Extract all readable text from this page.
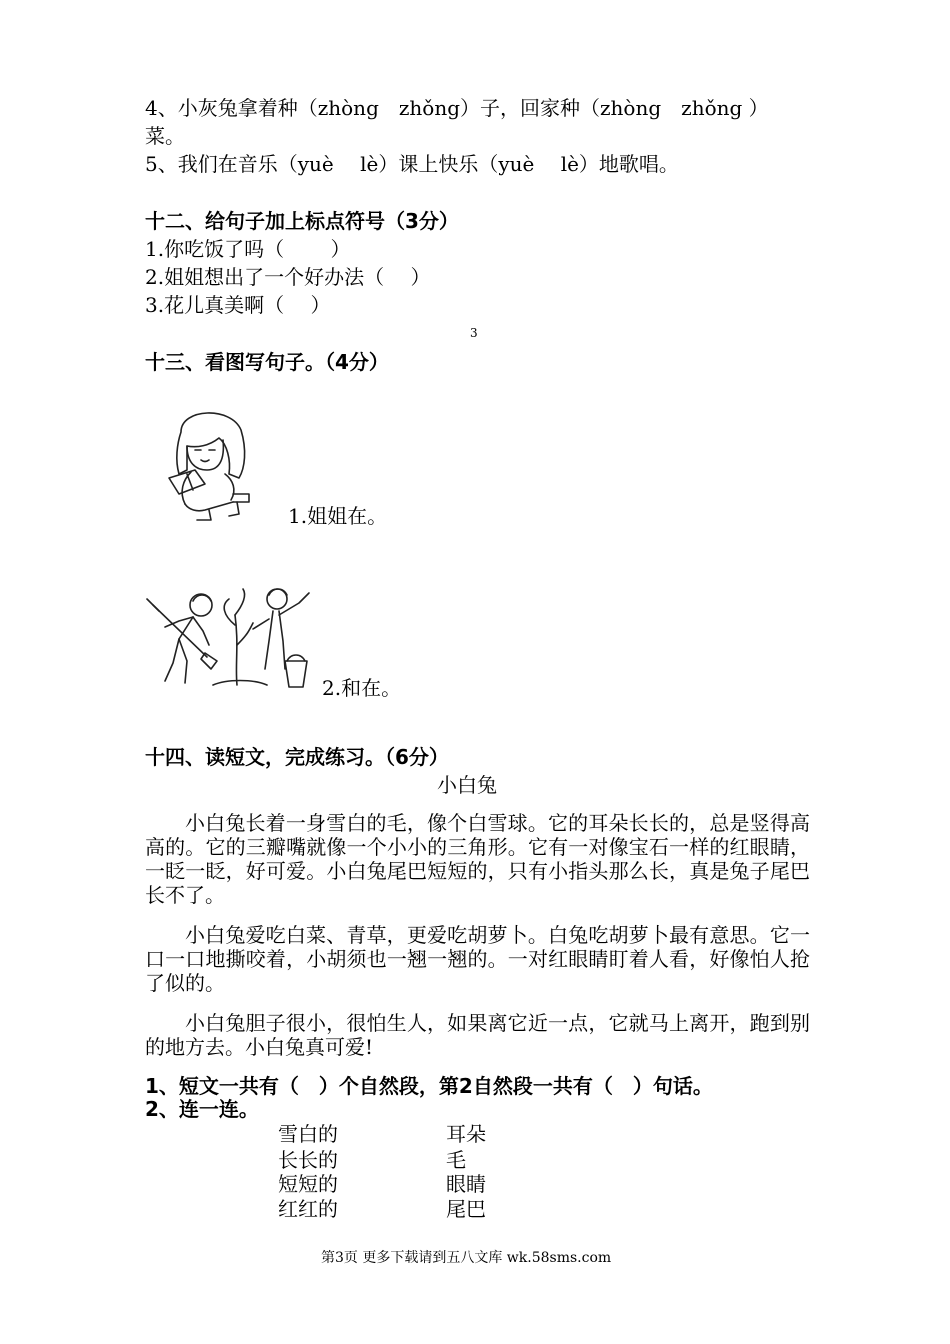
4、小灰兔拿着种（zhòng　zhǒng）子，回家种（zhòng　zhǒng ）
菜。
5、我们在音乐（yuè　 lè）课上快乐（yuè　 lè）地歌唱。
十二、给句子加上标点符号（3分）
1.你吃饭了吗（　　 ）
2.姐姐想出了一个好办法（　 ）
3.花儿真美啊（　 ）
3
十三、看图写句子。（4分）
1.姐姐在。
2.和在。
十四、读短文，完成练习。（6分）
小白兔
小白兔长着一身雪白的毛，像个白雪球。它的耳朵长长的，总是竖得高高的。它的三瓣嘴就像一个小小的三角形。它有一对像宝石一样的红眼睛，一眨一眨，好可爱。小白兔尾巴短短的，只有小指头那么长，真是兔子尾巴长不了。
小白兔爱吃白菜、青草，更爱吃胡萝卜。白兔吃胡萝卜最有意思。它一口一口地撕咬着，小胡须也一翘一翘的。一对红眼睛盯着人看，好像怕人抢了似的。
小白兔胆子很小，很怕生人，如果离它近一点，它就马上离开，跑到别的地方去。小白兔真可爱!
1、短文一共有（　）个自然段，第2自然段一共有（　）句话。
2、连一连。
雪白的
长长的
短短的
红红的
耳朵
毛
眼睛
尾巴
第3页 更多下载请到五八文库 wk.58sms.com
